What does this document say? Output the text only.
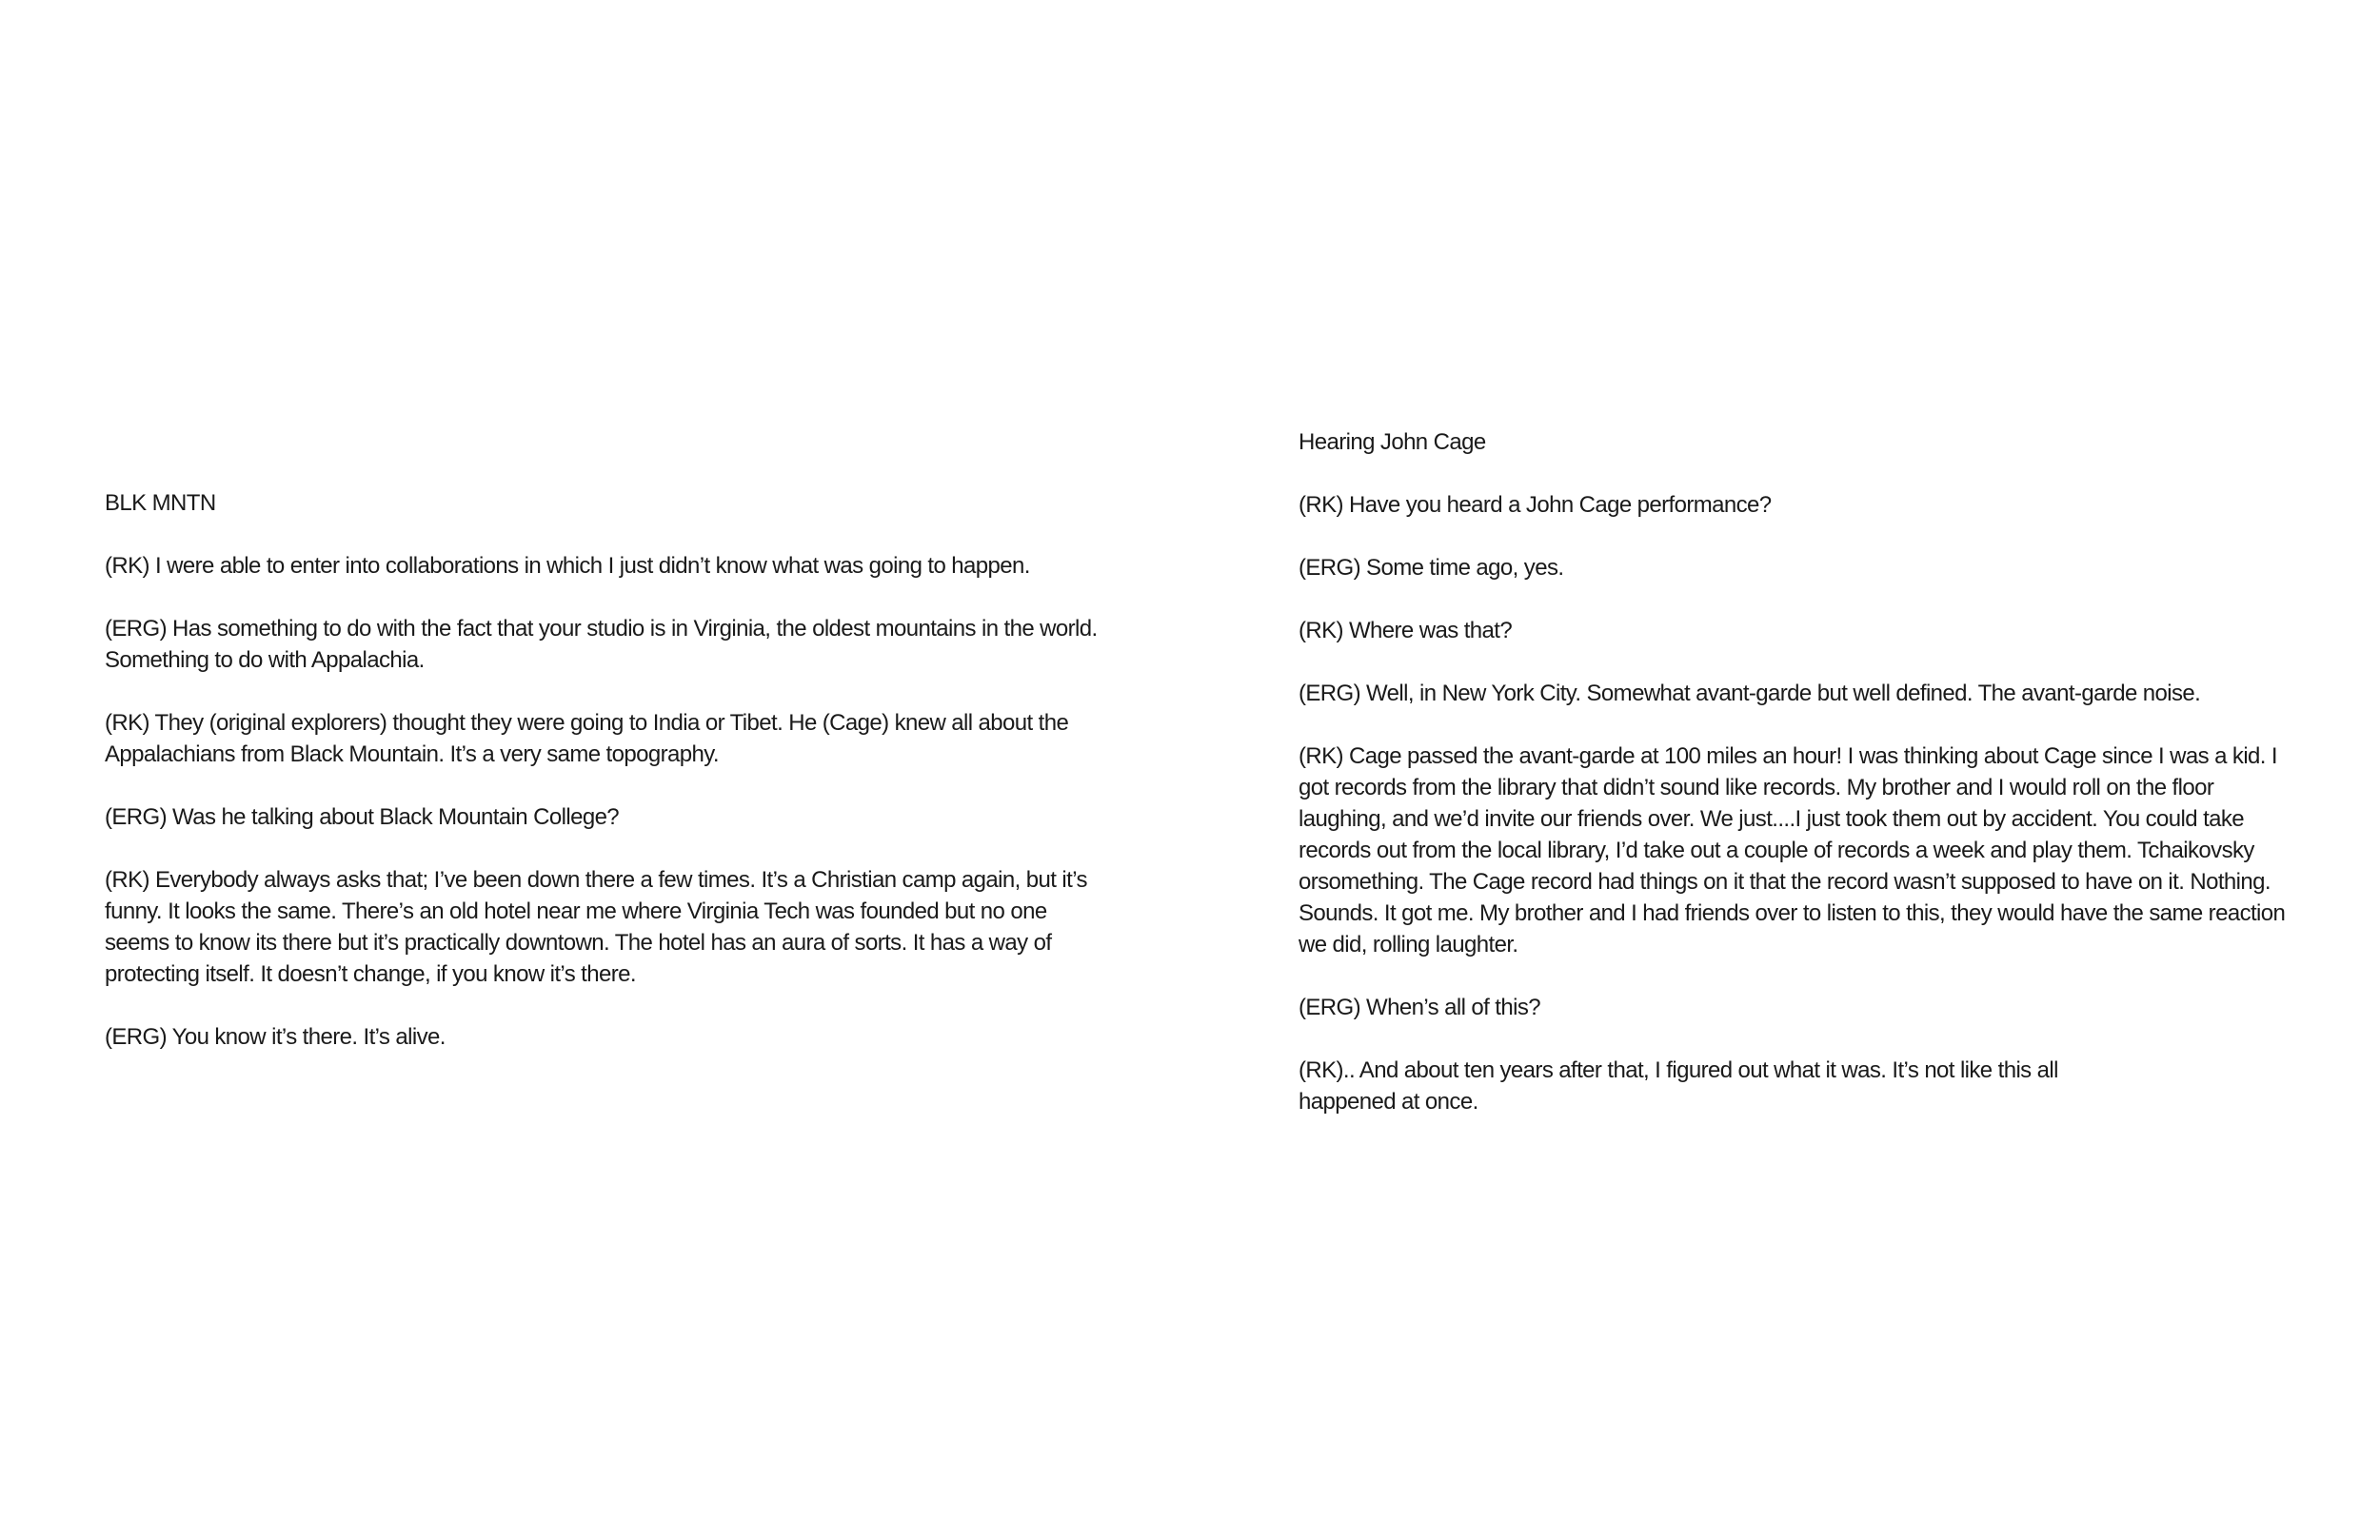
BLK MNTN

(RK) I were able to enter into collaborations in which I just didn’t know what was going to happen.

(ERG) Has something to do with the fact that your studio is in Virginia, the oldest mountains in the world. Something to do with Appalachia.

(RK) They (original explorers) thought they were going to India or Tibet. He (Cage) knew all about the Appalachians from Black Mountain. It’s a very same topography.

(ERG) Was he talking about Black Mountain College?

(RK) Everybody always asks that; I’ve been down there a few times. It’s a Christian camp again, but it’s funny. It looks the same. There’s an old hotel near me where Virginia Tech was founded but no one seems to know its there but it’s practically downtown. The hotel has an aura of sorts. It has a way of protecting itself. It doesn’t change, if you know it’s there.

(ERG) You know it’s there. It’s alive.

Hearing John Cage

(RK) Have you heard a John Cage performance?

(ERG) Some time ago, yes.

(RK) Where was that?

(ERG) Well, in New York City. Somewhat avant-garde but well defined. The avant-garde noise.

(RK) Cage passed the avant-garde at 100 miles an hour! I was thinking about Cage since I was a kid. I got records from the library that didn’t sound like records. My brother and I would roll on the floor laughing, and we’d invite our friends over. We just....I just took them out by accident. You could take records out from the local library, I’d take out a couple of records a week and play them. Tchaikovsky orsomething. The Cage record had things on it that the record wasn’t supposed to have on it. Nothing. Sounds. It got me. My brother and I had friends over to listen to this, they would have the same reaction we did, rolling laughter.

(ERG) When’s all of this?

(RK).. And about ten years after that, I figured out what it was. It’s not like this all
happened at once.
